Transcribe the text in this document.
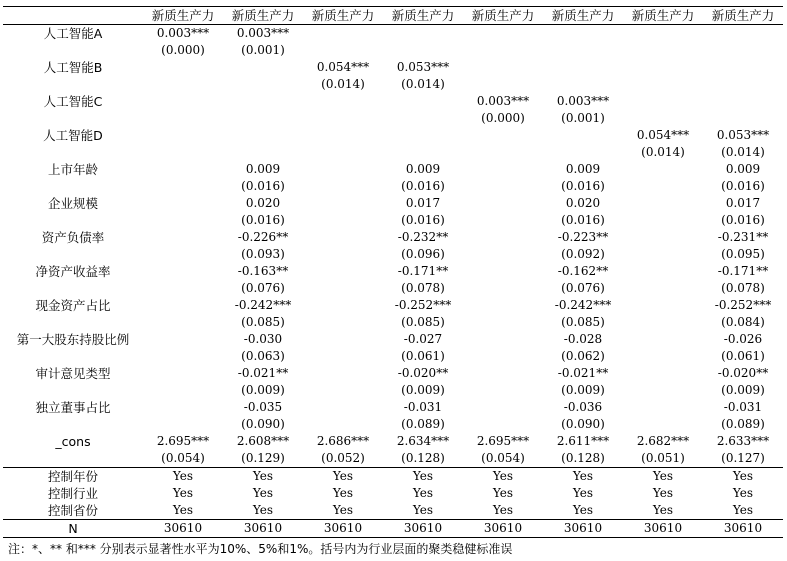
	新质生产力	新质生产力	新质生产力	新质生产力	新质生产力	新质生产力	新质生产力	新质生产力
人工智能A	0.003***	0.003***						
	(0.000)	(0.001)						
人工智能B			0.054***	0.053***				
			(0.014)	(0.014)				
人工智能C					0.003***	0.003***		
					(0.000)	(0.001)		
人工智能D							0.054***	0.053***
							(0.014)	(0.014)
上市年龄		0.009		0.009		0.009		0.009
		(0.016)		(0.016)		(0.016)		(0.016)
企业规模		0.020		0.017		0.020		0.017
		(0.016)		(0.016)		(0.016)		(0.016)
资产负债率		-0.226**		-0.232**		-0.223**		-0.231**
		(0.093)		(0.096)		(0.092)		(0.095)
净资产收益率		-0.163**		-0.171**		-0.162**		-0.171**
		(0.076)		(0.078)		(0.076)		(0.078)
现金资产占比		-0.242***		-0.252***		-0.242***		-0.252***
		(0.085)		(0.085)		(0.085)		(0.084)
第一大股东持股比例		-0.030		-0.027		-0.028		-0.026
		(0.063)		(0.061)		(0.062)		(0.061)
审计意见类型		-0.021**		-0.020**		-0.021**		-0.020**
		(0.009)		(0.009)		(0.009)		(0.009)
独立董事占比		-0.035		-0.031		-0.036		-0.031
		(0.090)		(0.089)		(0.090)		(0.089)
_cons	2.695***	2.608***	2.686***	2.634***	2.695***	2.611***	2.682***	2.633***
	(0.054)	(0.129)	(0.052)	(0.128)	(0.054)	(0.128)	(0.051)	(0.127)
控制年份	Yes	Yes	Yes	Yes	Yes	Yes	Yes	Yes
控制行业	Yes	Yes	Yes	Yes	Yes	Yes	Yes	Yes
控制省份	Yes	Yes	Yes	Yes	Yes	Yes	Yes	Yes
N	30610	30610	30610	30610	30610	30610	30610	30610
注：*、** 和*** 分别表示显著性水平为10%、5%和1%。括号内为行业层面的聚类稳健标准误
